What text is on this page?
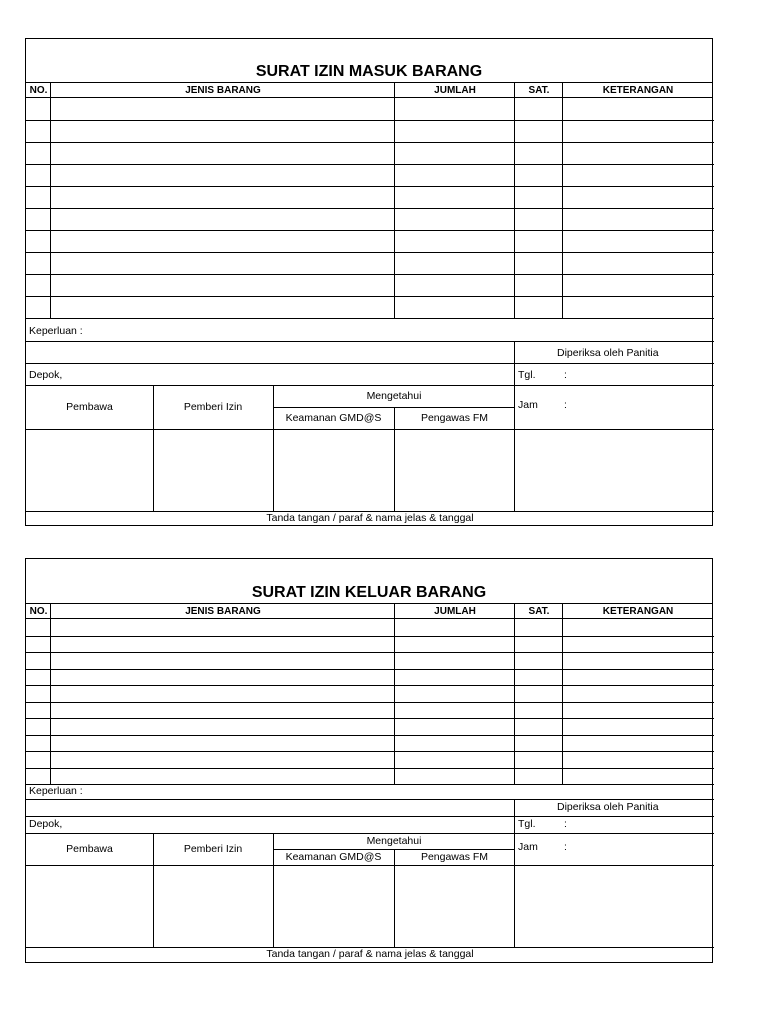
SURAT IZIN MASUK BARANG
NO.	JENIS BARANG	JUMLAH	SAT.	KETERANGAN
Keperluan :
Diperiksa oleh Panitia
Depok,	Tgl.	:
Pembawa	Pemberi Izin
Mengetahui
Keamanan GMD@S	Pengawas FM
Jam :
Tanda tangan / paraf & nama jelas & tanggal
SURAT IZIN KELUAR BARANG
NO.	JENIS BARANG	JUMLAH	SAT.	KETERANGAN
Keperluan :
Diperiksa oleh Panitia
Depok,	Tgl.	:
Pembawa	Pemberi Izin
Mengetahui
Keamanan GMD@S	Pengawas FM
Jam :
Tanda tangan / paraf & nama jelas & tanggal
